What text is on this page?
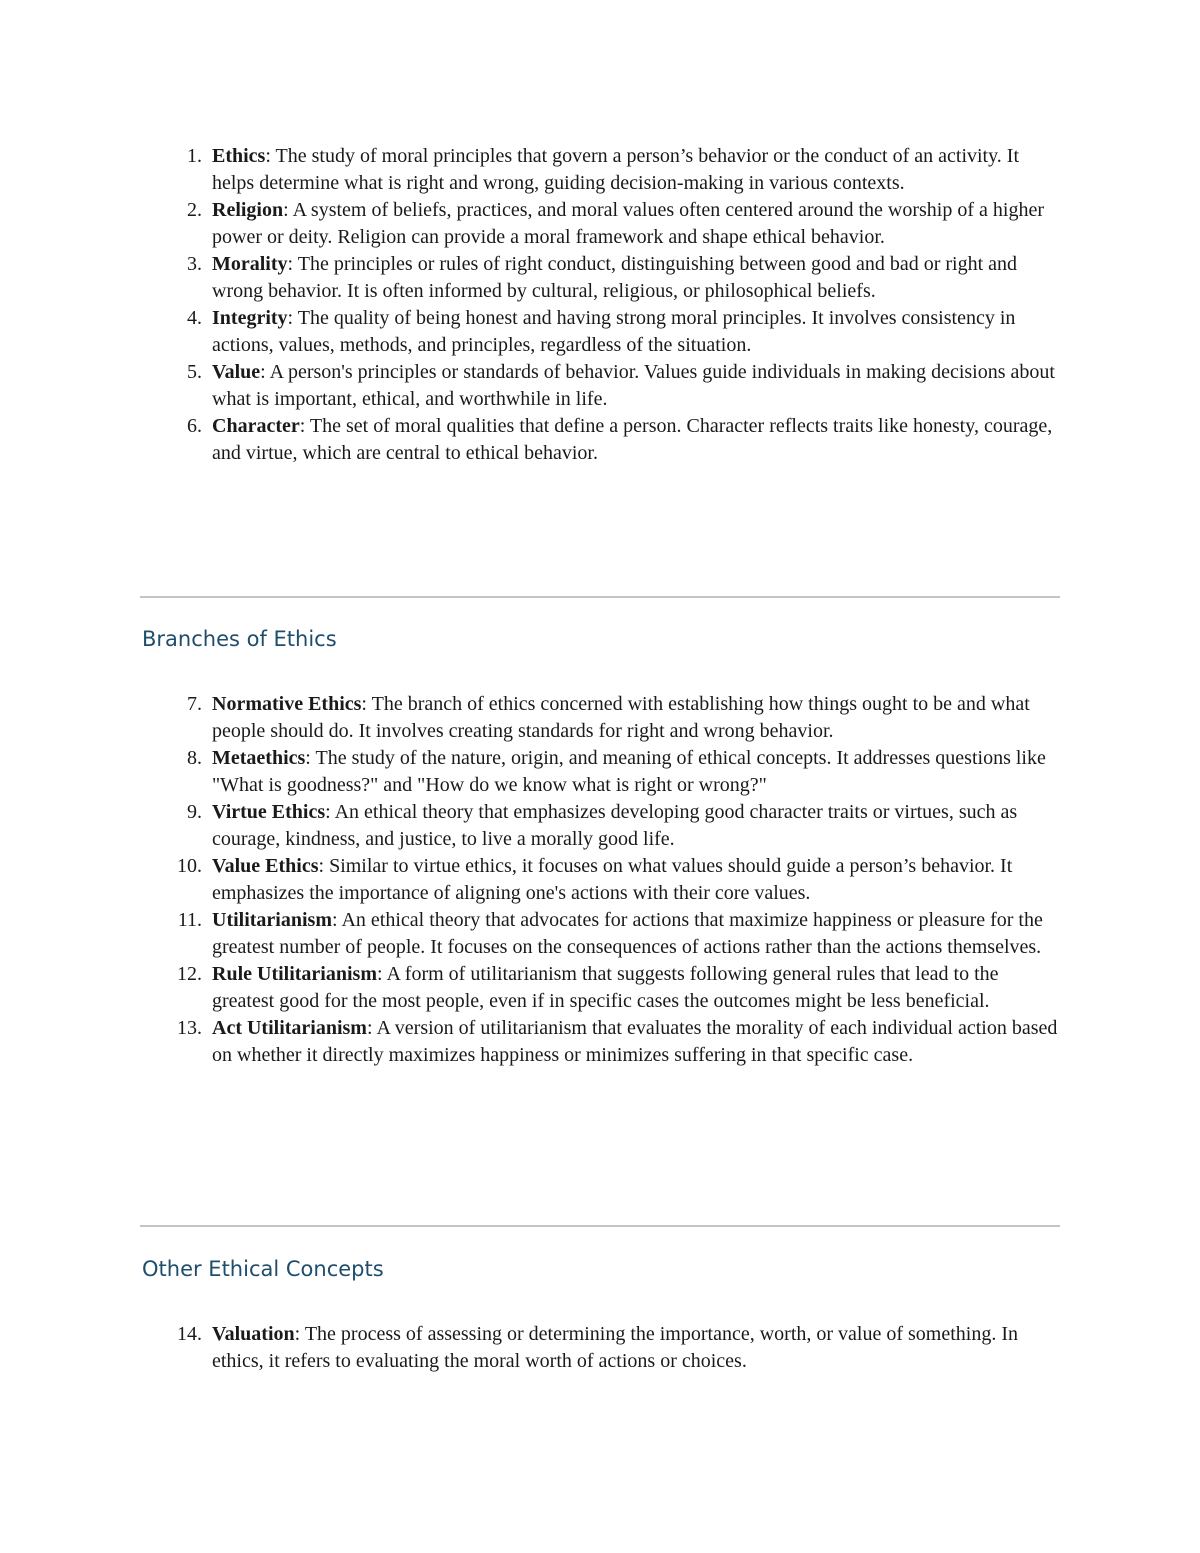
1. Ethics: The study of moral principles that govern a person’s behavior or the conduct of an activity. It helps determine what is right and wrong, guiding decision-making in various contexts.
2. Religion: A system of beliefs, practices, and moral values often centered around the worship of a higher power or deity. Religion can provide a moral framework and shape ethical behavior.
3. Morality: The principles or rules of right conduct, distinguishing between good and bad or right and wrong behavior. It is often informed by cultural, religious, or philosophical beliefs.
4. Integrity: The quality of being honest and having strong moral principles. It involves consistency in actions, values, methods, and principles, regardless of the situation.
5. Value: A person's principles or standards of behavior. Values guide individuals in making decisions about what is important, ethical, and worthwhile in life.
6. Character: The set of moral qualities that define a person. Character reflects traits like honesty, courage, and virtue, which are central to ethical behavior.
Branches of Ethics
7. Normative Ethics: The branch of ethics concerned with establishing how things ought to be and what people should do. It involves creating standards for right and wrong behavior.
8. Metaethics: The study of the nature, origin, and meaning of ethical concepts. It addresses questions like "What is goodness?" and "How do we know what is right or wrong?"
9. Virtue Ethics: An ethical theory that emphasizes developing good character traits or virtues, such as courage, kindness, and justice, to live a morally good life.
10. Value Ethics: Similar to virtue ethics, it focuses on what values should guide a person’s behavior. It emphasizes the importance of aligning one's actions with their core values.
11. Utilitarianism: An ethical theory that advocates for actions that maximize happiness or pleasure for the greatest number of people. It focuses on the consequences of actions rather than the actions themselves.
12. Rule Utilitarianism: A form of utilitarianism that suggests following general rules that lead to the greatest good for the most people, even if in specific cases the outcomes might be less beneficial.
13. Act Utilitarianism: A version of utilitarianism that evaluates the morality of each individual action based on whether it directly maximizes happiness or minimizes suffering in that specific case.
Other Ethical Concepts
14. Valuation: The process of assessing or determining the importance, worth, or value of something. In ethics, it refers to evaluating the moral worth of actions or choices.
